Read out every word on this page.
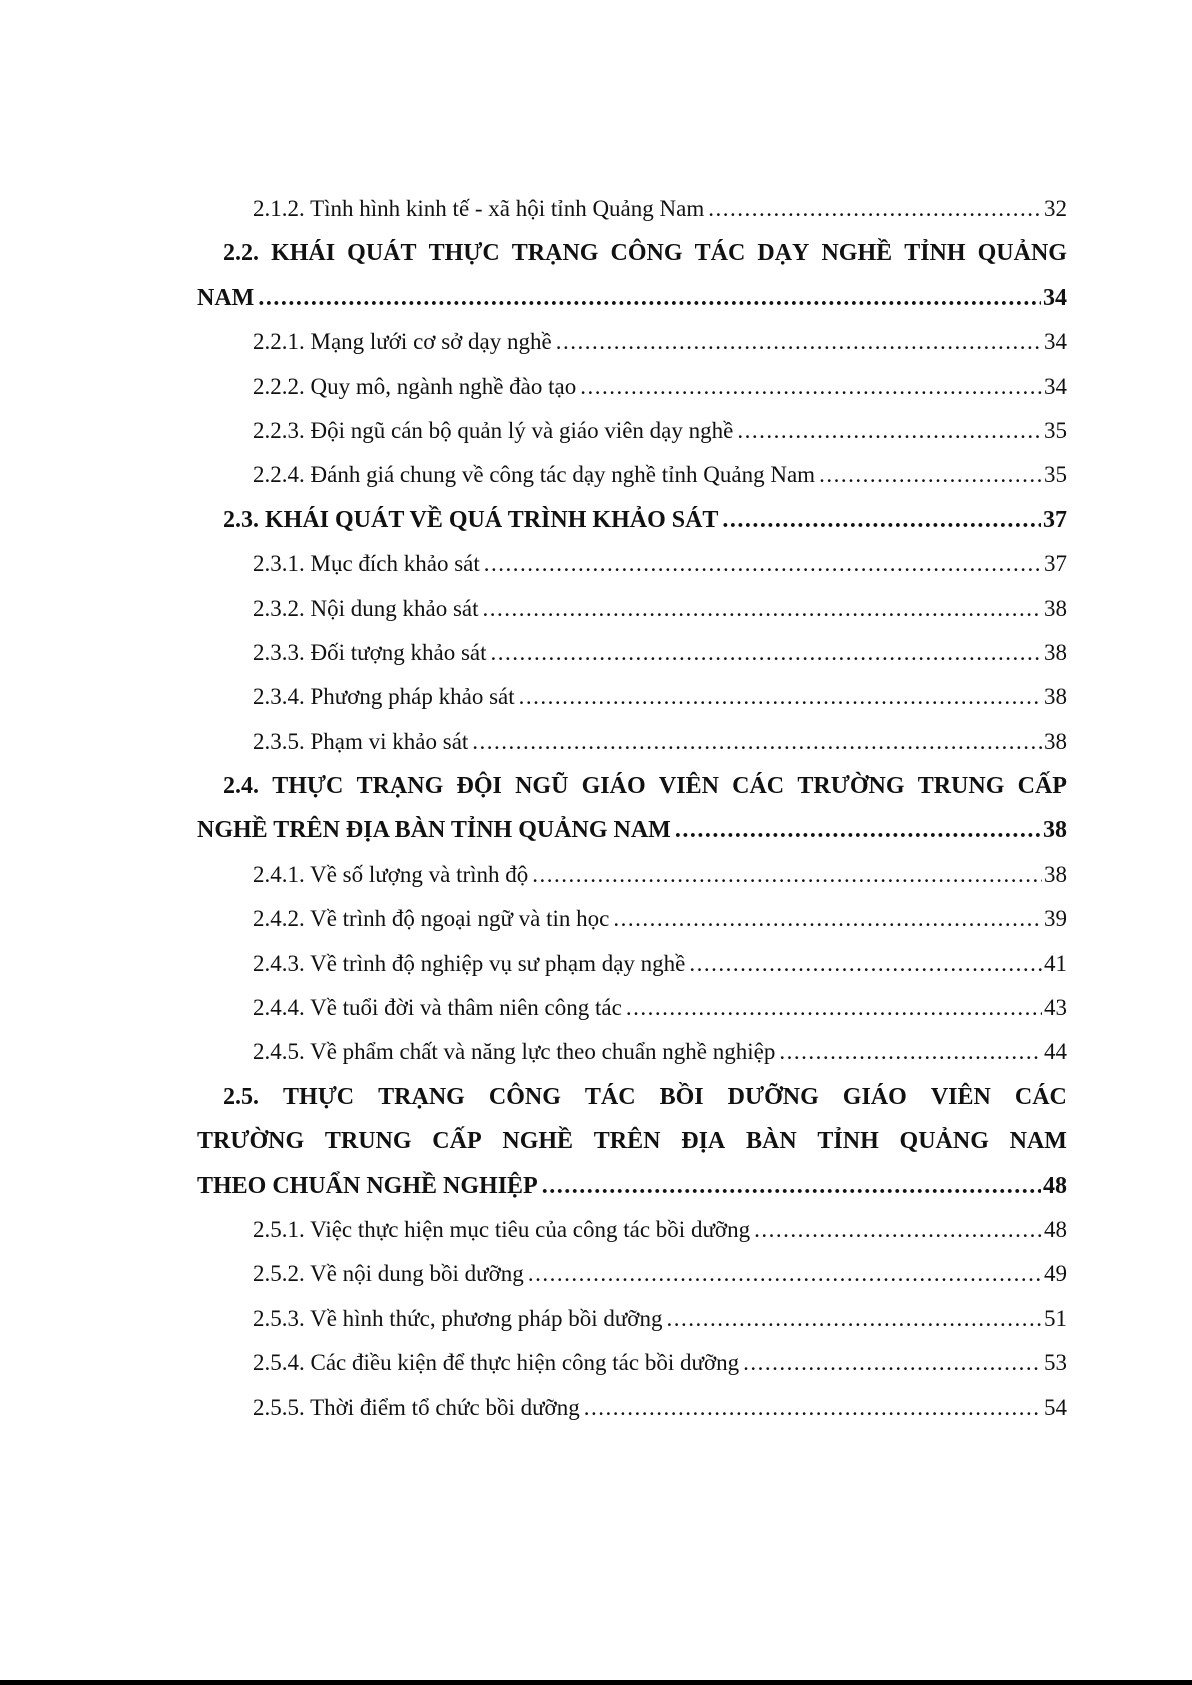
2.1.2. Tình hình kinh tế - xã hội tỉnh Quảng Nam .....	32
2.2. KHÁI QUÁT THỰC TRẠNG CÔNG TÁC DẠY NGHỀ TỈNH QUẢNG
NAM .....	34
2.2.1. Mạng lưới cơ sở dạy nghề .....	34
2.2.2. Quy mô, ngành nghề đào tạo .....	34
2.2.3. Đội ngũ cán bộ quản lý và giáo viên dạy nghề .....	35
2.2.4. Đánh giá chung về công tác dạy nghề tỉnh Quảng Nam .....	35
2.3. KHÁI QUÁT VỀ QUÁ TRÌNH KHẢO SÁT .....	37
2.3.1. Mục đích khảo sát .....	37
2.3.2. Nội dung khảo sát .....	38
2.3.3. Đối tượng khảo sát .....	38
2.3.4. Phương pháp khảo sát .....	38
2.3.5. Phạm vi khảo sát .....	38
2.4. THỰC TRẠNG ĐỘI NGŨ GIÁO VIÊN CÁC TRƯỜNG TRUNG CẤP
NGHỀ TRÊN ĐỊA BÀN TỈNH QUẢNG NAM .....	38
2.4.1. Về số lượng và trình độ .....	38
2.4.2. Về trình độ ngoại ngữ và tin học .....	39
2.4.3. Về trình độ nghiệp vụ sư phạm dạy nghề .....	41
2.4.4. Về tuổi đời và thâm niên công tác .....	43
2.4.5. Về phẩm chất và năng lực theo chuẩn nghề nghiệp .....	44
2.5. THỰC TRẠNG CÔNG TÁC BỒI DƯỠNG GIÁO VIÊN CÁC
TRƯỜNG TRUNG CẤP NGHỀ TRÊN ĐỊA BÀN TỈNH QUẢNG NAM
THEO CHUẨN NGHỀ NGHIỆP .....	48
2.5.1. Việc thực hiện mục tiêu của công tác bồi dưỡng .....	48
2.5.2. Về nội dung bồi dưỡng .....	49
2.5.3. Về hình thức, phương pháp bồi dưỡng .....	51
2.5.4. Các điều kiện để thực hiện công tác bồi dưỡng .....	53
2.5.5. Thời điểm tổ chức bồi dưỡng .....	54
